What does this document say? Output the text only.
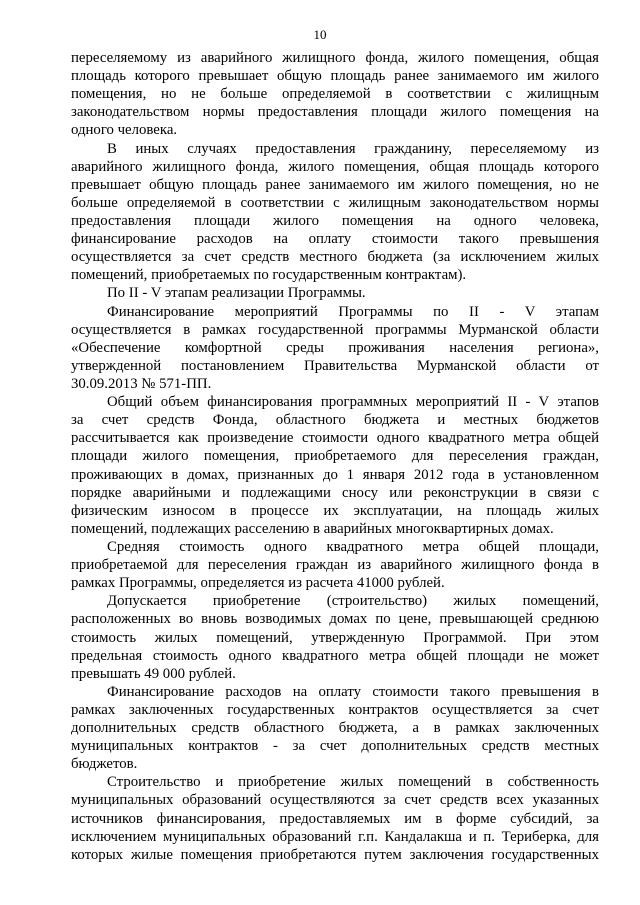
10
переселяемому из аварийного жилищного фонда, жилого помещения, общая
площадь которого превышает общую площадь ранее занимаемого им жилого
помещения, но не больше определяемой в соответствии с жилищным
законодательством нормы предоставления площади жилого помещения на
одного человека.
В иных случаях предоставления гражданину, переселяемому из
аварийного жилищного фонда, жилого помещения, общая площадь которого
превышает общую площадь ранее занимаемого им жилого помещения, но не
больше определяемой в соответствии с жилищным законодательством нормы
предоставления площади жилого помещения на одного человека,
финансирование расходов на оплату стоимости такого превышения
осуществляется за счет средств местного бюджета (за исключением жилых
помещений, приобретаемых по государственным контрактам).
По II - V этапам реализации Программы.
Финансирование мероприятий Программы по II - V этапам
осуществляется в рамках государственной программы Мурманской области
«Обеспечение комфортной среды проживания населения региона»,
утвержденной постановлением Правительства Мурманской области от
30.09.2013 № 571-ПП.
Общий объем финансирования программных мероприятий II - V этапов
за счет средств Фонда, областного бюджета и местных бюджетов
рассчитывается как произведение стоимости одного квадратного метра общей
площади жилого помещения, приобретаемого для переселения граждан,
проживающих в домах, признанных до 1 января 2012 года в установленном
порядке аварийными и подлежащими сносу или реконструкции в связи с
физическим износом в процессе их эксплуатации, на площадь жилых
помещений, подлежащих расселению в аварийных многоквартирных домах.
Средняя стоимость одного квадратного метра общей площади,
приобретаемой для переселения граждан из аварийного жилищного фонда в
рамках Программы, определяется из расчета 41000 рублей.
Допускается приобретение (строительство) жилых помещений,
расположенных во вновь возводимых домах по цене, превышающей среднюю
стоимость жилых помещений, утвержденную Программой. При этом
предельная стоимость одного квадратного метра общей площади не может
превышать 49 000 рублей.
Финансирование расходов на оплату стоимости такого превышения в
рамках заключенных государственных контрактов осуществляется за счет
дополнительных средств областного бюджета, а в рамках заключенных
муниципальных контрактов - за счет дополнительных средств местных
бюджетов.
Строительство и приобретение жилых помещений в собственность
муниципальных образований осуществляются за счет средств всех указанных
источников финансирования, предоставляемых им в форме субсидий, за
исключением муниципальных образований г.п. Кандалакша и п. Териберка, для
которых жилые помещения приобретаются путем заключения государственных
